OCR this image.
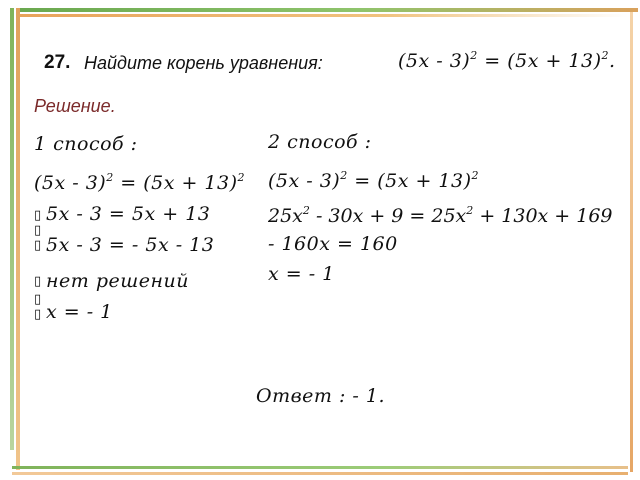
27. Найдите корень уравнения:	$(5x - 3)^2 = (5x + 13)^2$.
Решение.
1 способ :
$(5x - 3)^2 = (5x + 13)^2$
▯
▯
▯
5x - 3 = 5x + 13
5x - 3 = - 5x - 13
▯
▯
▯
нет решений
x = - 1
2 способ :
$(5x - 3)^2 = (5x + 13)^2$
$25x^2 - 30x + 9 = 25x^2 + 130x + 169$
- 160x = 160
x = - 1
Ответ : - 1.
